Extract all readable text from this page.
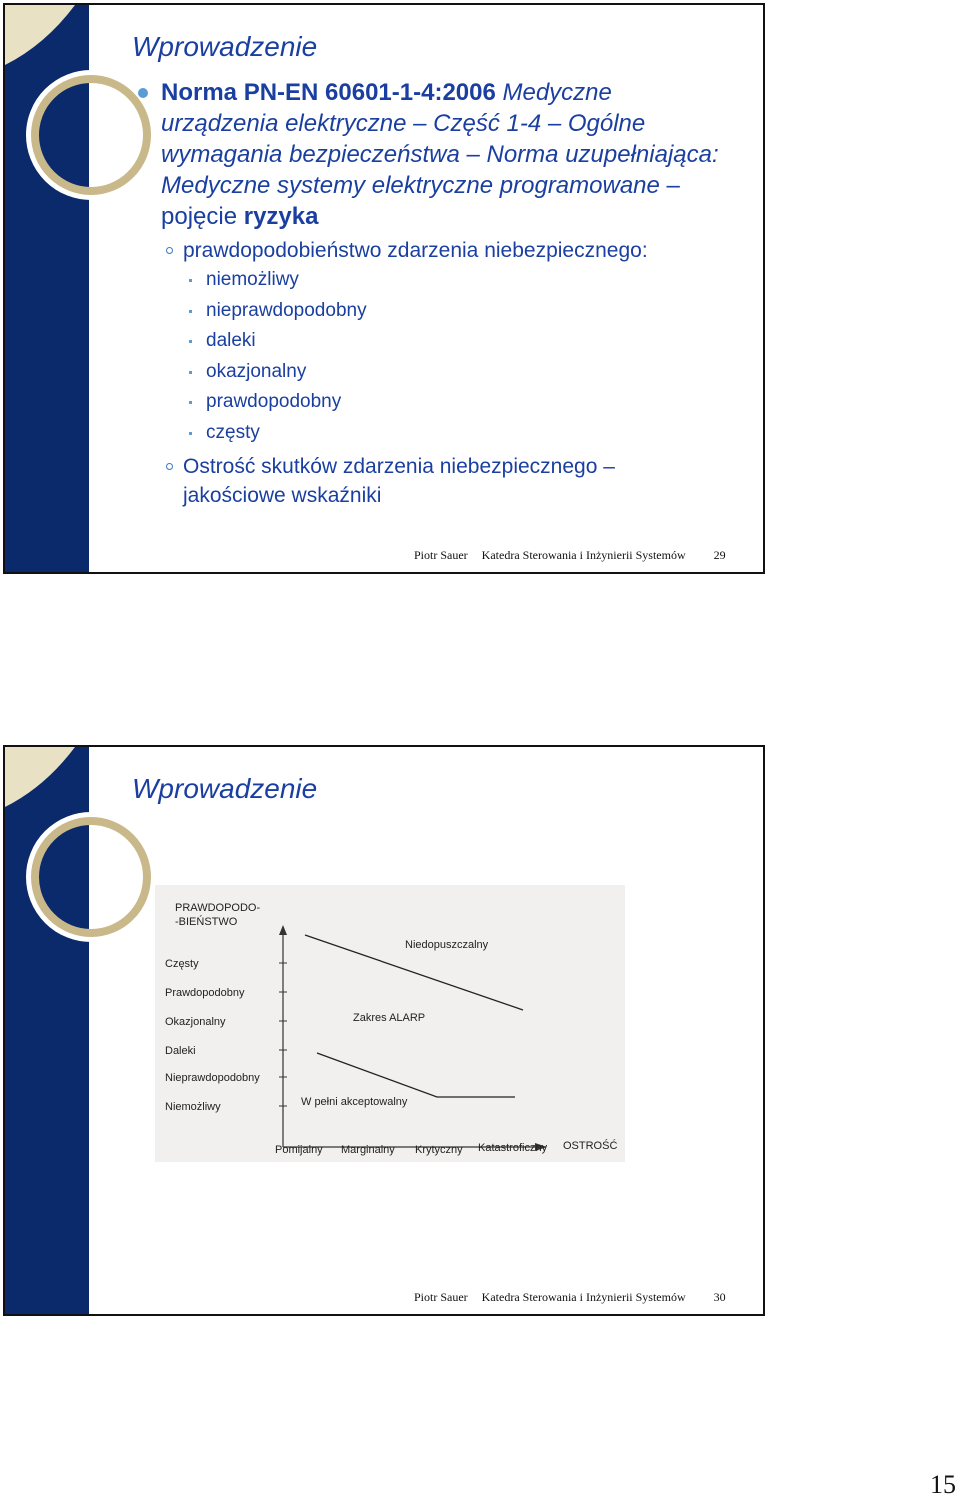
Wprowadzenie
Norma PN-EN 60601-1-4:2006 Medyczne urządzenia elektryczne – Część 1-4 – Ogólne wymagania bezpieczeństwa – Norma uzupełniająca: Medyczne systemy elektryczne programowane – pojęcie ryzyka
prawdopodobieństwo zdarzenia niebezpiecznego:
niemożliwy
nieprawdopodobny
daleki
okazjonalny
prawdopodobny
częsty
Ostrość skutków zdarzenia niebezpiecznego – jakościowe wskaźniki
Piotr Sauer Katedra Sterowania i Inżynierii Systemów 29
Wprowadzenie
PRAWDOPODO-
-BIEŃSTWO
Częsty
Prawdopodobny
Okazjonalny
Daleki
Nieprawdopodobny
Niemożliwy
Pomijalny Marginalny Krytyczny Katastroficzny OSTROŚĆ
Niedopuszczalny
Zakres ALARP
W pełni akceptowalny
Piotr Sauer Katedra Sterowania i Inżynierii Systemów 30
15
